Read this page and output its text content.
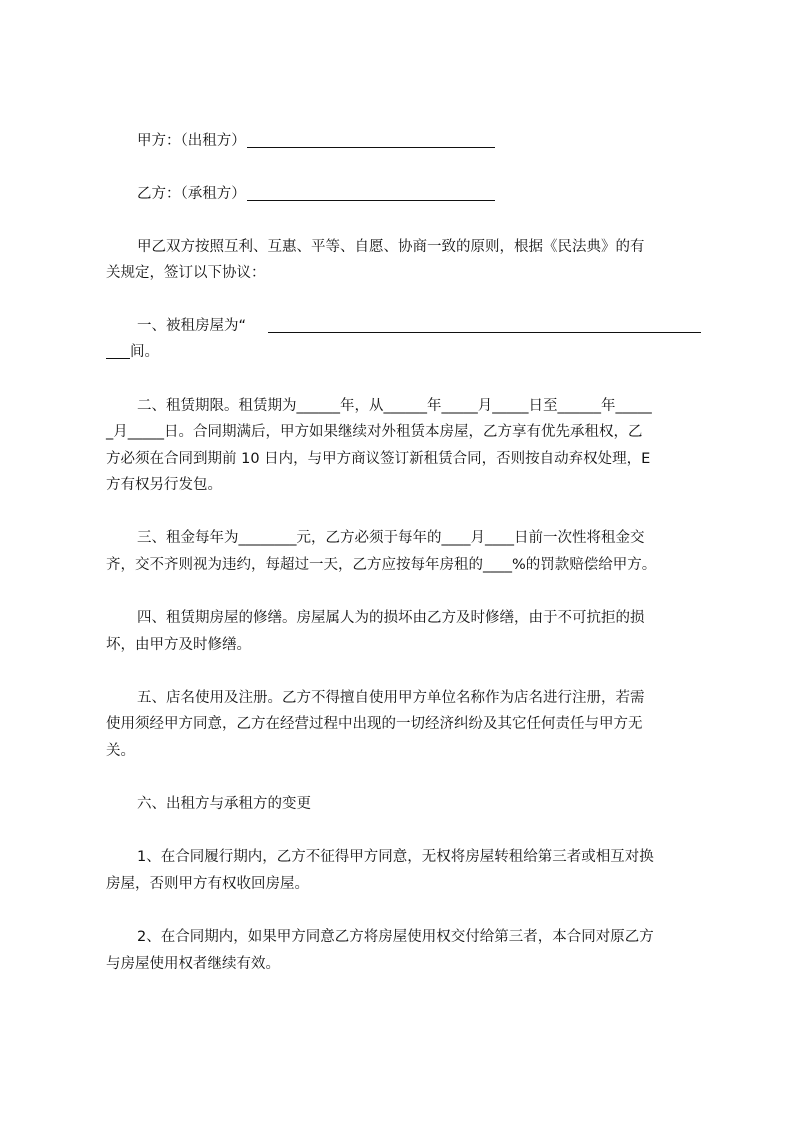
甲方：（出租方）
乙方：（承租方）
甲乙双方按照互利、互惠、平等、自愿、协商一致的原则，根据《民法典》的有
关规定，签订以下协议：
一、被租房屋为“
间。
二、租赁期限。租赁期为______年，从______年_____月_____日至______年_____
_月_____日。合同期满后，甲方如果继续对外租赁本房屋，乙方享有优先承租权，乙
方必须在合同到期前 10 日内，与甲方商议签订新租赁合同，否则按自动弃权处理，E
方有权另行发包。
三、租金每年为________元，乙方必须于每年的____月____日前一次性将租金交
齐，交不齐则视为违约，每超过一天，乙方应按每年房租的____%的罚款赔偿给甲方。
四、租赁期房屋的修缮。房屋属人为的损坏由乙方及时修缮，由于不可抗拒的损
坏，由甲方及时修缮。
五、店名使用及注册。乙方不得擅自使用甲方单位名称作为店名进行注册，若需
使用须经甲方同意，乙方在经营过程中出现的一切经济纠纷及其它任何责任与甲方无
关。
六、出租方与承租方的变更
1、在合同履行期内，乙方不征得甲方同意，无权将房屋转租给第三者或相互对换
房屋，否则甲方有权收回房屋。
2、在合同期内，如果甲方同意乙方将房屋使用权交付给第三者，本合同对原乙方
与房屋使用权者继续有效。
